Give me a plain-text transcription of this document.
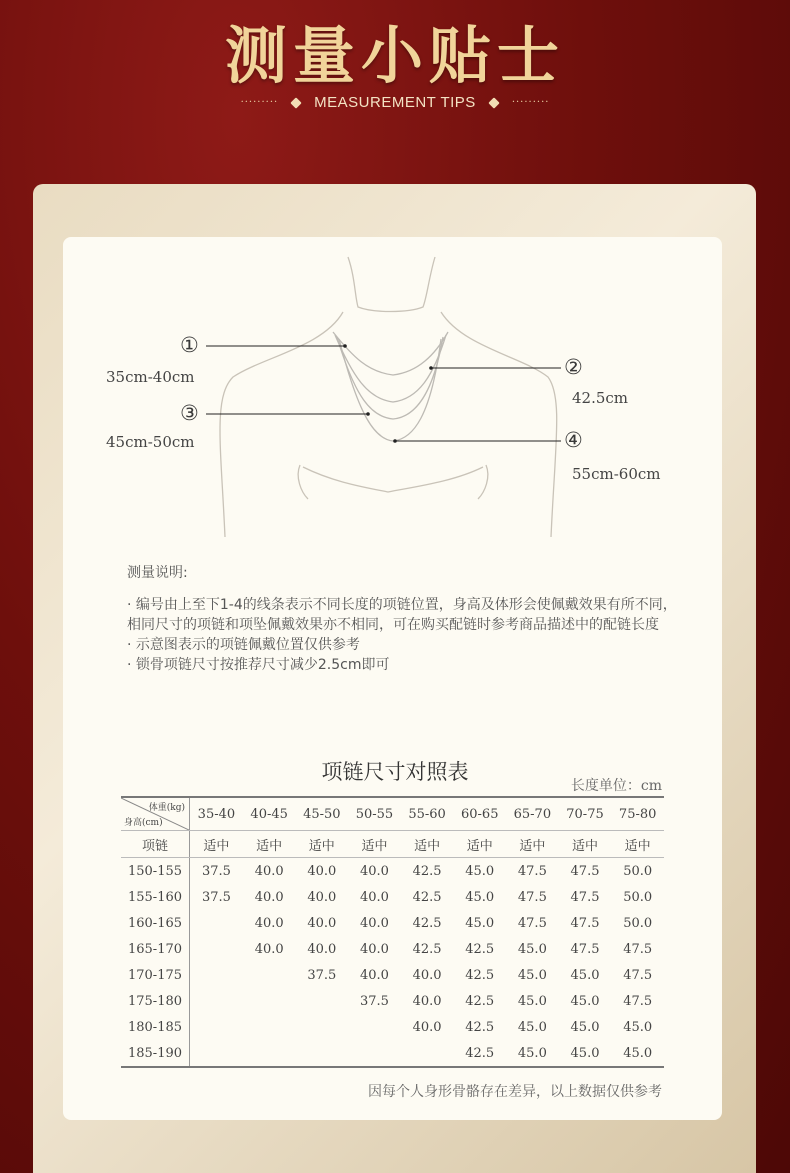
测量小贴士
········· MEASUREMENT TIPS	·········
①
35cm-40cm	②
42.5cm
③
45cm-50cm	④
55cm-60cm
测量说明:

· 编号由上至下1-4的线条表示不同长度的项链位置，身高及体形会使佩戴效果有所不同，相同尺寸的项链和项坠佩戴效果亦不相同，可在购买配链时参考商品描述中的配链长度

· 示意图表示的项链佩戴位置仅供参考

· 锁骨项链尺寸按推荐尺寸减少2.5cm即可

项链尺寸对照表
长度单位：cm
体重(kg)
身高(cm)	35-40	40-45	45-50	50-55	55-60	60-65	65-70	70-75	75-80
项链	适中	适中	适中	适中	适中	适中	适中	适中	适中
150-155	37.5	40.0	40.0	40.0	42.5	45.0	47.5	47.5	50.0
155-160	37.5	40.0	40.0	40.0	42.5	45.0	47.5	47.5	50.0
160-165		40.0	40.0	40.0	42.5	45.0	47.5	47.5	50.0
165-170		40.0	40.0	40.0	42.5	42.5	45.0	47.5	47.5
170-175			37.5	40.0	40.0	42.5	45.0	45.0	47.5
175-180				37.5	40.0	42.5	45.0	45.0	47.5
180-185					40.0	42.5	45.0	45.0	45.0
185-190						42.5	45.0	45.0	45.0
因每个人身形骨骼存在差异，以上数据仅供参考
